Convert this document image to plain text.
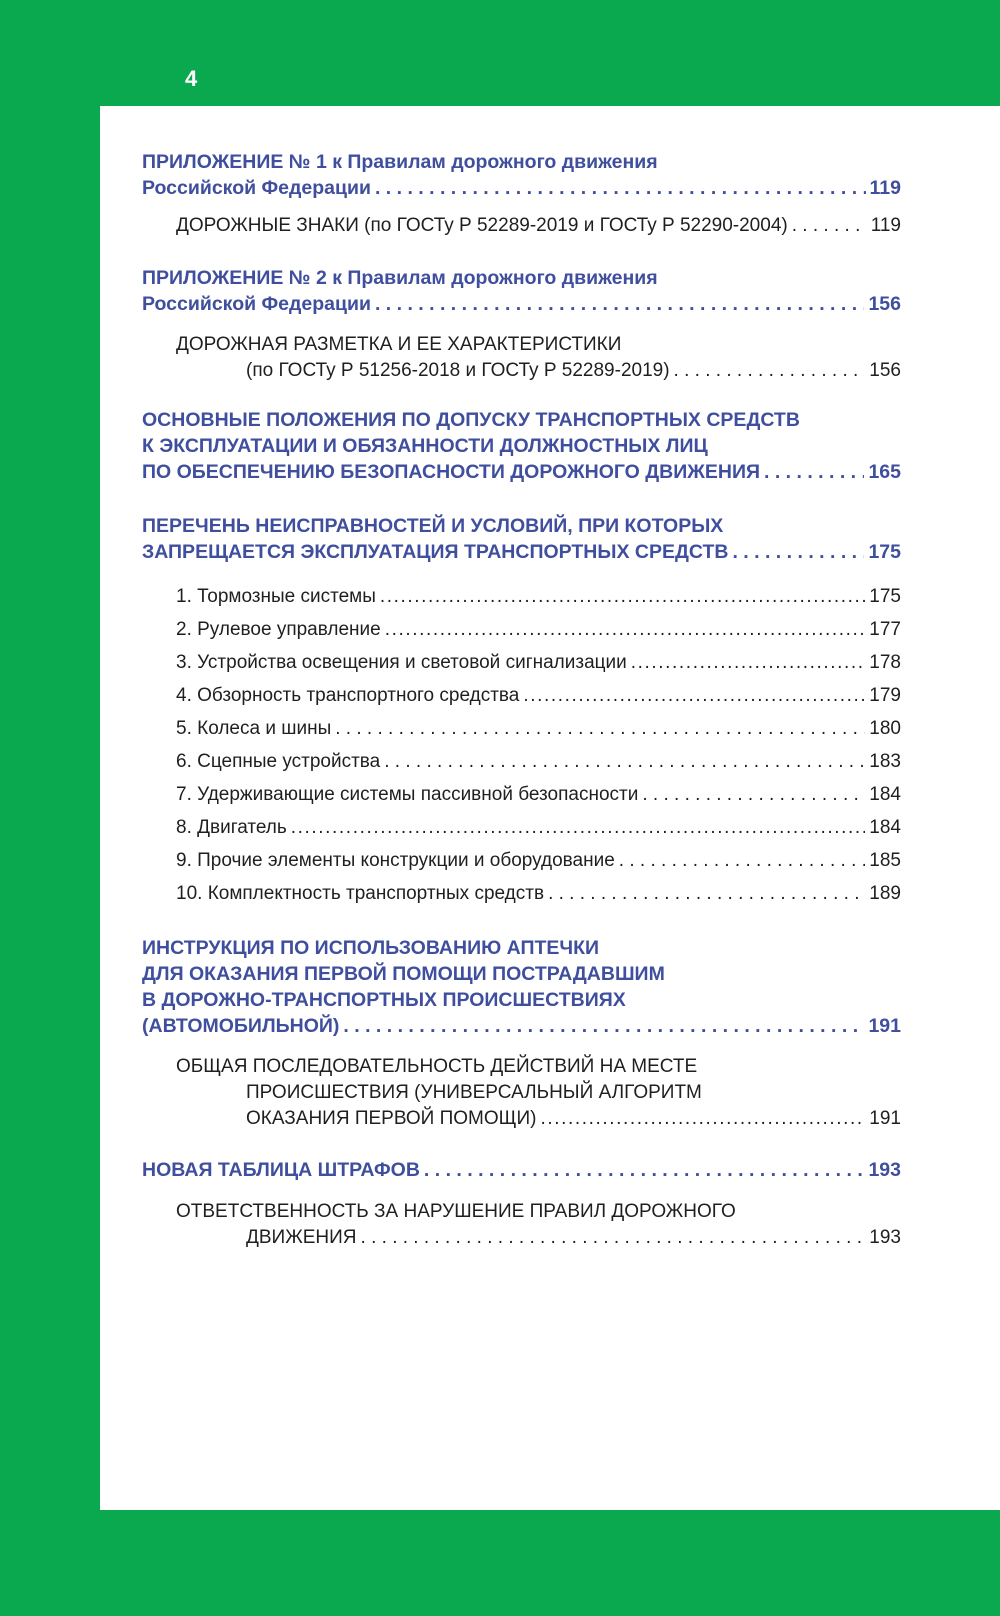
4
ПРИЛОЖЕНИЕ № 1 к Правилам дорожного движения
Российской Федерации . . .	119
ДОРОЖНЫЕ ЗНАКИ (по ГОСТу Р 52289-2019 и ГОСТу Р 52290-2004) . . .	119
ПРИЛОЖЕНИЕ № 2 к Правилам дорожного движения
Российской Федерации . . .	156
ДОРОЖНАЯ РАЗМЕТКА И ЕЕ ХАРАКТЕРИСТИКИ
(по ГОСТу Р 51256-2018 и ГОСТу Р 52289-2019) . . .	156
ОСНОВНЫЕ ПОЛОЖЕНИЯ ПО ДОПУСКУ ТРАНСПОРТНЫХ СРЕДСТВ
К ЭКСПЛУАТАЦИИ И ОБЯЗАННОСТИ ДОЛЖНОСТНЫХ ЛИЦ
ПО ОБЕСПЕЧЕНИЮ БЕЗОПАСНОСТИ ДОРОЖНОГО ДВИЖЕНИЯ . . .	165
ПЕРЕЧЕНЬ НЕИСПРАВНОСТЕЙ И УСЛОВИЙ, ПРИ КОТОРЫХ
ЗАПРЕЩАЕТСЯ ЭКСПЛУАТАЦИЯ ТРАНСПОРТНЫХ СРЕДСТВ . . .	175
1. Тормозные системы .....	175
2. Рулевое управление .....	177
3. Устройства освещения и световой сигнализации .....	178
4. Обзорность транспортного средства .....	179
5. Колеса и шины . . .	180
6. Сцепные устройства . . .	183
7. Удерживающие системы пассивной безопасности . . .	184
8. Двигатель .....	184
9. Прочие элементы конструкции и оборудование . . .	185
10. Комплектность транспортных средств . . .	189
ИНСТРУКЦИЯ ПО ИСПОЛЬЗОВАНИЮ АПТЕЧКИ
ДЛЯ ОКАЗАНИЯ ПЕРВОЙ ПОМОЩИ ПОСТРАДАВШИМ
В ДОРОЖНО-ТРАНСПОРТНЫХ ПРОИСШЕСТВИЯХ
(АВТОМОБИЛЬНОЙ) . . .	191
ОБЩАЯ ПОСЛЕДОВАТЕЛЬНОСТЬ ДЕЙСТВИЙ НА МЕСТЕ
ПРОИСШЕСТВИЯ (УНИВЕРСАЛЬНЫЙ АЛГОРИТМ
ОКАЗАНИЯ ПЕРВОЙ ПОМОЩИ) .....	191
НОВАЯ ТАБЛИЦА ШТРАФОВ . . .	193
ОТВЕТСТВЕННОСТЬ ЗА НАРУШЕНИЕ ПРАВИЛ ДОРОЖНОГО
ДВИЖЕНИЯ . . .	193
